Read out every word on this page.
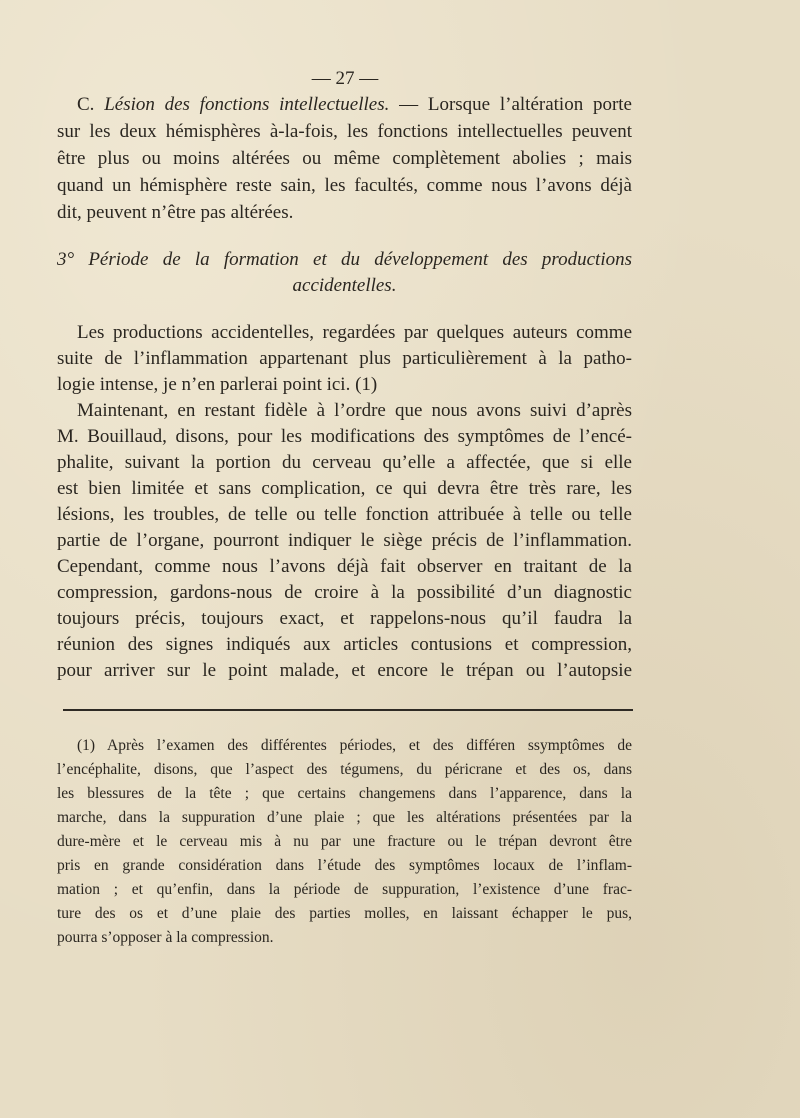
— 27 —
C. Lésion des fonctions intellectuelles. — Lorsque l’altération porte
sur les deux hémisphères à-la-fois, les fonctions intellectuelles peuvent
être plus ou moins altérées ou même complètement abolies ; mais
quand un hémisphère reste sain, les facultés, comme nous l’avons déjà
dit, peuvent n’être pas altérées.
3° Période de la formation et du développement des productions
accidentelles.
Les productions accidentelles, regardées par quelques auteurs comme
suite de l’inflammation appartenant plus particulièrement à la patho-
logie intense, je n’en parlerai point ici. (1)
Maintenant, en restant fidèle à l’ordre que nous avons suivi d’après
M. Bouillaud, disons, pour les modifications des symptômes de l’encé-
phalite, suivant la portion du cerveau qu’elle a affectée, que si elle
est bien limitée et sans complication, ce qui devra être très rare, les
lésions, les troubles, de telle ou telle fonction attribuée à telle ou telle
partie de l’organe, pourront indiquer le siège précis de l’inflammation.
Cependant, comme nous l’avons déjà fait observer en traitant de la
compression, gardons-nous de croire à la possibilité d’un diagnostic
toujours précis, toujours exact, et rappelons-nous qu’il faudra la
réunion des signes indiqués aux articles contusions et compression,
pour arriver sur le point malade, et encore le trépan ou l’autopsie
(1) Après l’examen des différentes périodes, et des différen ssymptômes de
l’encéphalite, disons, que l’aspect des tégumens, du péricrane et des os, dans
les blessures de la tête ; que certains changemens dans l’apparence, dans la
marche, dans la suppuration d’une plaie ; que les altérations présentées par la
dure-mère et le cerveau mis à nu par une fracture ou le trépan devront être
pris en grande considération dans l’étude des symptômes locaux de l’inflam-
mation ; et qu’enfin, dans la période de suppuration, l’existence d’une frac-
ture des os et d’une plaie des parties molles, en laissant échapper le pus,
pourra s’opposer à la compression.
